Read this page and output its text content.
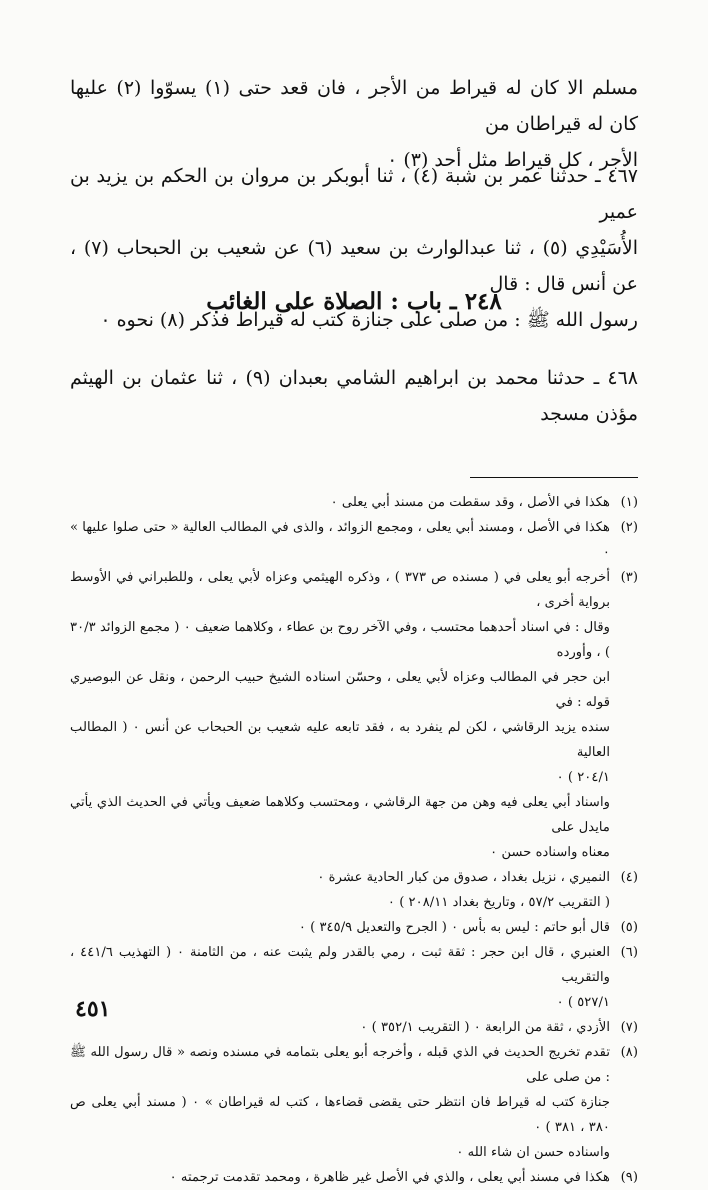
مسلم الا كان له قيراط من الأجر ، فان قعد حتى (١) يسوّوا (٢) عليها كان له قيراطان من

الأجر ، كل قيراط مثل أحد (٣) ٠

٤٦٧ ـ حدثنا عمر بن شبة (٤) ، ثنا أبوبكر بن مروان بن الحكم بن يزيد بن عمير

الأُسَيْدِي (٥) ، ثنا عبدالوارث بن سعيد (٦) عن شعيب بن الحبحاب (٧) ، عن أنس قال : قال

رسول الله ﷺ : من صلى على جنازة كتب له قيراط فذكر (٨) نحوه ٠

٢٤٨ ـ باب : الصلاة على الغائب

٤٦٨ ـ حدثنا محمد بن ابراهيم الشامي بعبدان (٩) ، ثنا عثمان بن الهيثم مؤذن مسجد

(١)
هكذا في الأصل ، وقد سقطت من مسند أبي يعلى ٠
(٢)
هكذا في الأصل ، ومسند أبي يعلى ، ومجمع الزوائد ، والذى في المطالب العالية « حتى صلوا عليها » ٠
(٣)
أخرجه أبو يعلى في ( مسنده ص ٣٧٣ ) ، وذكره الهيثمي وعزاه لأبي يعلى ، وللطبراني في الأوسط برواية أخرى ،
وقال : في اسناد أحدهما محتسب ، وفي الآخر روح بن عطاء ، وكلاهما ضعيف ٠ ( مجمع الزوائد ٣٠/٣ ) ، وأورده
ابن حجر في المطالب وعزاه لأبي يعلى ، وحسّن اسناده الشيخ حبيب الرحمن ، ونقل عن البوصيري قوله : في
سنده يزيد الرقاشي ، لكن لم ينفرد به ، فقد تابعه عليه شعيب بن الحبحاب عن أنس ٠ ( المطالب العالية
٢٠٤/١ ) ٠
واسناد أبي يعلى فيه وهن من جهة الرقاشي ، ومحتسب وكلاهما ضعيف ويأتي في الحديث الذي يأتي مايدل على
معناه واسناده حسن ٠
(٤)
النميري ، نزيل بغداد ، صدوق من كبار الحادية عشرة ٠
( التقريب ٥٧/٢ ، وتاريخ بغداد ٢٠٨/١١ ) ٠
(٥)
قال أبو حاتم : ليس به بأس ٠ ( الجرح والتعديل ٣٤٥/٩ ) ٠
(٦)
العنبري ، قال ابن حجر : ثقة ثبت ، رمي بالقدر ولم يثبت عنه ، من الثامنة ٠ ( التهذيب ٤٤١/٦ ، والتقريب
٥٢٧/١ ) ٠
(٧)
الأزدي ، ثقة من الرابعة ٠ ( التقريب ٣٥٢/١ ) ٠
(٨)
تقدم تخريج الحديث في الذي قبله ، وأخرجه أبو يعلى بتمامه في مسنده ونصه « قال رسول الله ﷺ : من صلى على
جنازة كتب له قيراط فان انتظر حتى يقضى قضاءها ، كتب له قيراطان » ٠ ( مسند أبي يعلى ص ٣٨٠ ، ٣٨١ ) ٠
واسناده حسن ان شاء الله ٠
(٩)
هكذا في مسند أبي يعلى ، والذي في الأصل غير ظاهرة ، ومحمد تقدمت ترجمته ٠
٤٥١
